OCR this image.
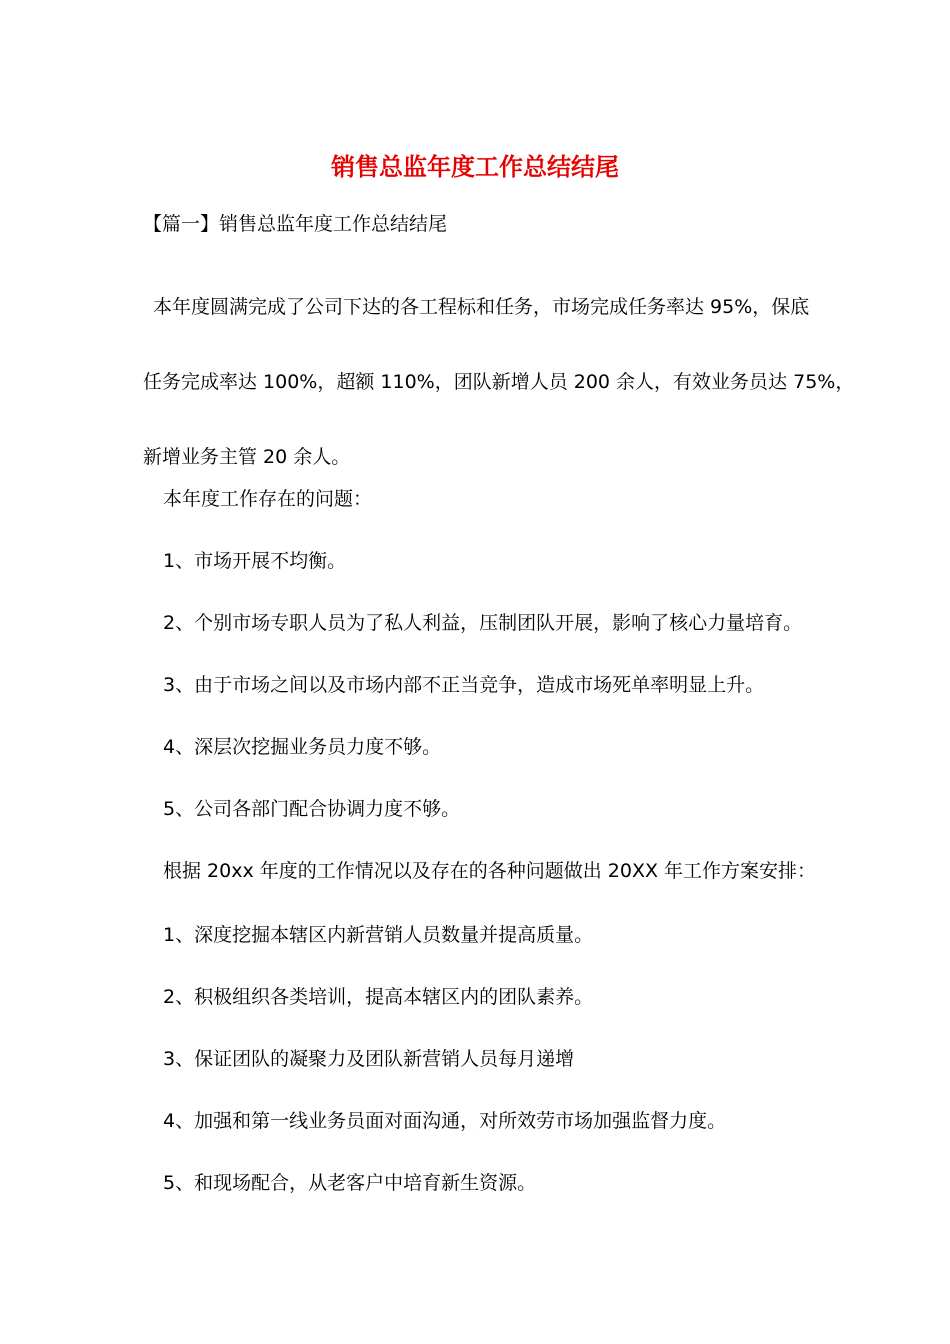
销售总监年度工作总结结尾
【篇一】销售总监年度工作总结结尾
本年度圆满完成了公司下达的各工程标和任务，市场完成任务率达 95%，保底
任务完成率达 100%，超额 110%，团队新增人员 200 余人，有效业务员达 75%，
新增业务主管 20 余人。
本年度工作存在的问题：
1、市场开展不均衡。
2、个别市场专职人员为了私人利益，压制团队开展，影响了核心力量培育。
3、由于市场之间以及市场内部不正当竞争，造成市场死单率明显上升。
4、深层次挖掘业务员力度不够。
5、公司各部门配合协调力度不够。
根据 20xx 年度的工作情况以及存在的各种问题做出 20XX 年工作方案安排：
1、深度挖掘本辖区内新营销人员数量并提高质量。
2、积极组织各类培训，提高本辖区内的团队素养。
3、保证团队的凝聚力及团队新营销人员每月递增
4、加强和第一线业务员面对面沟通，对所效劳市场加强监督力度。
5、和现场配合，从老客户中培育新生资源。
